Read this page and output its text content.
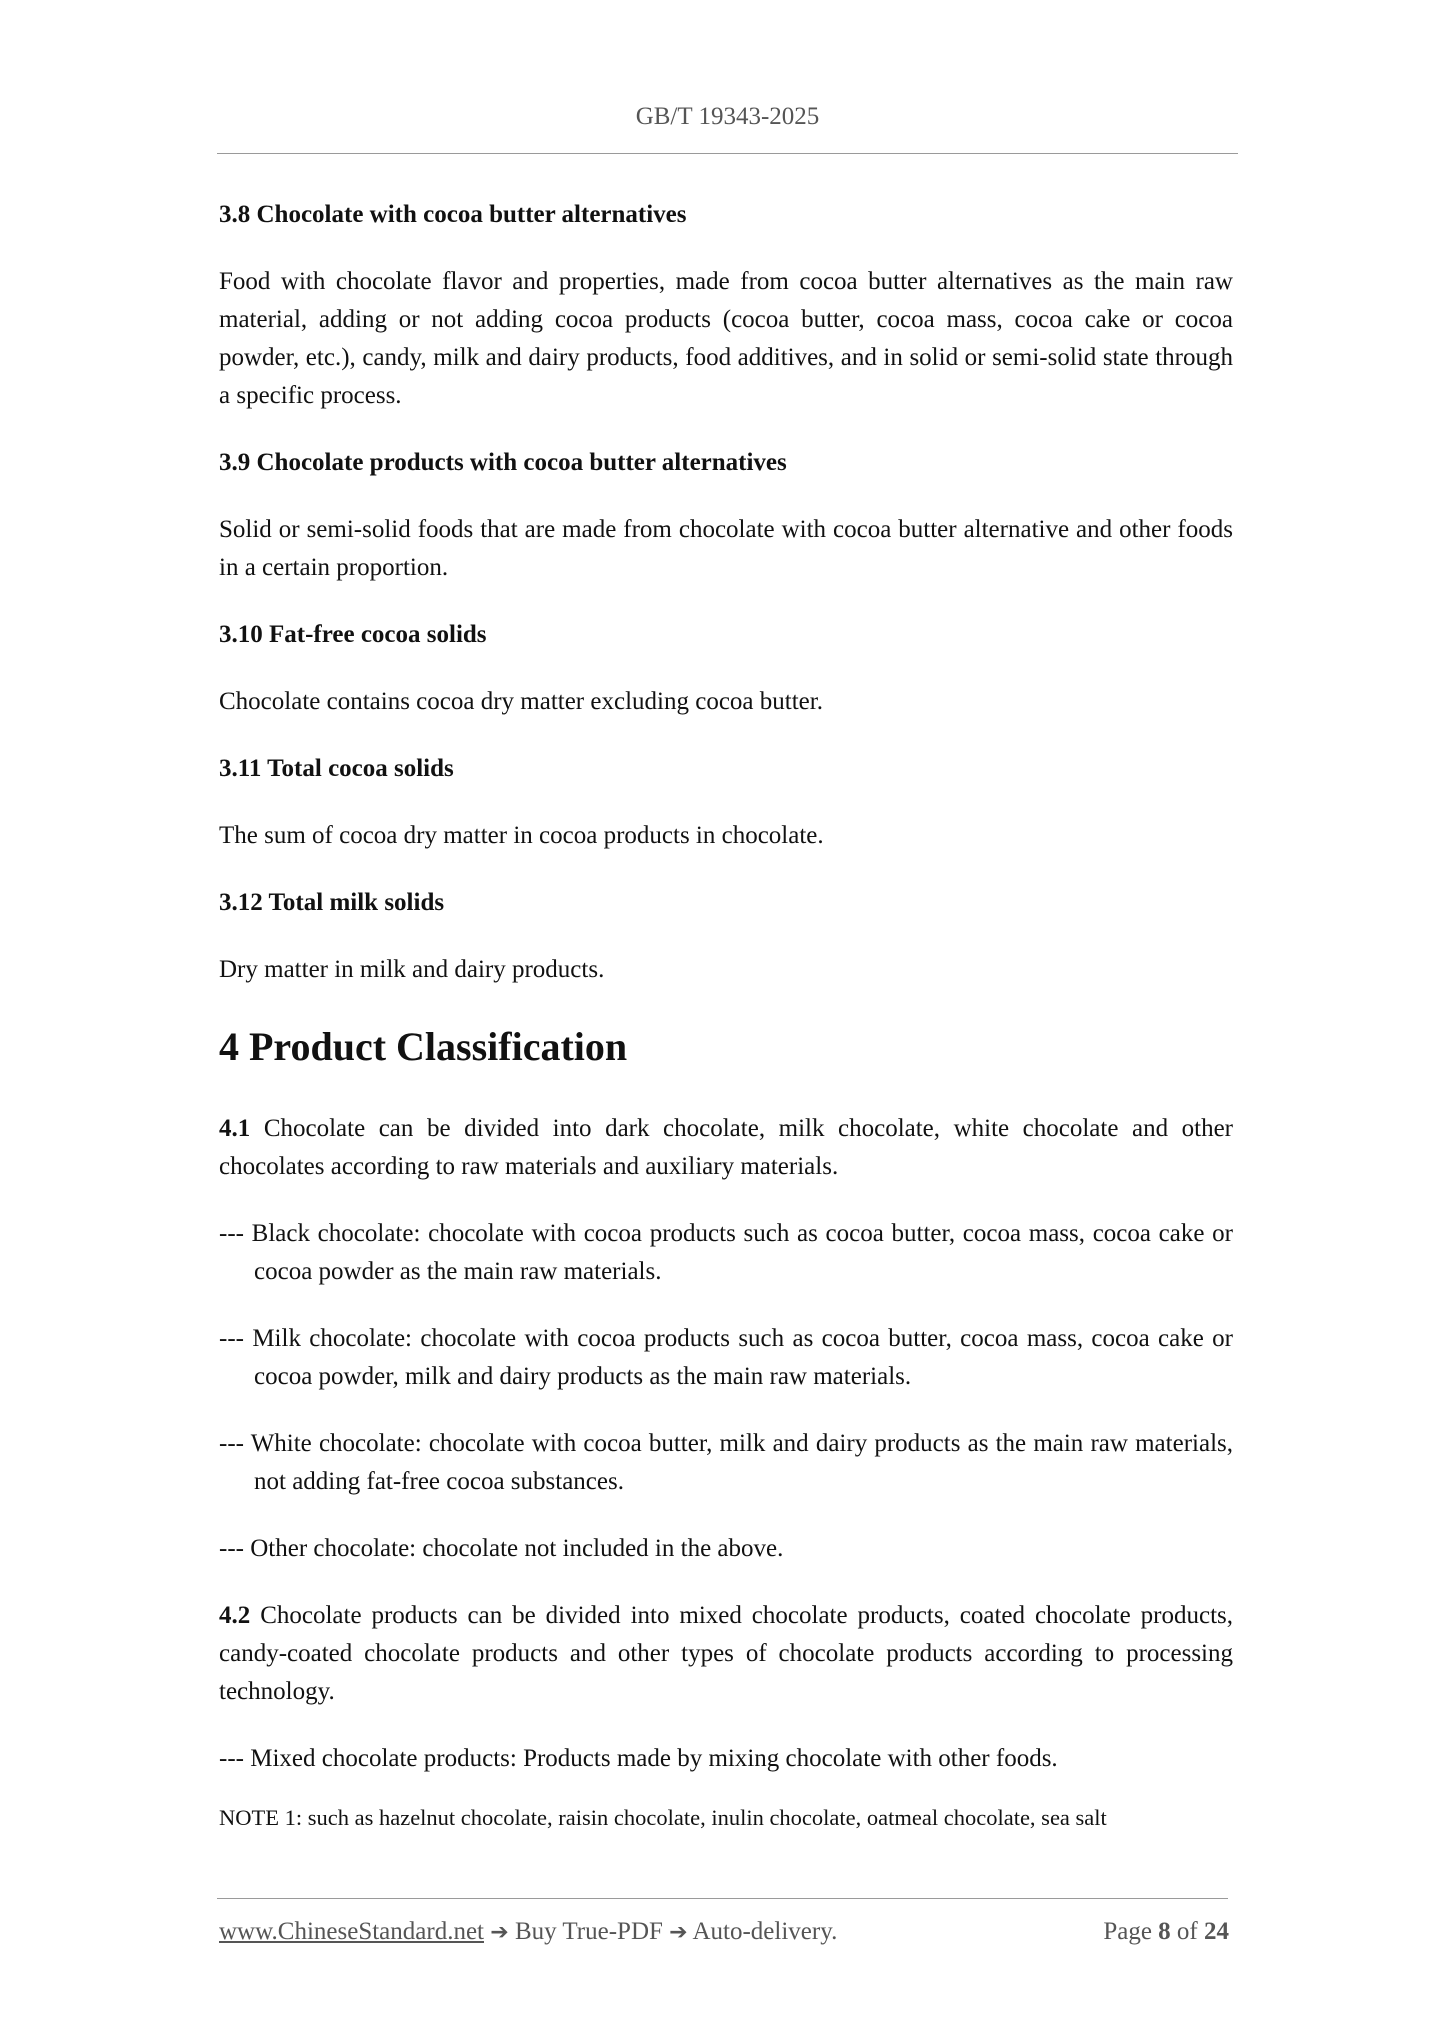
GB/T 19343-2025
3.8 Chocolate with cocoa butter alternatives

Food with chocolate flavor and properties, made from cocoa butter alternatives as the main raw material, adding or not adding cocoa products (cocoa butter, cocoa mass, cocoa cake or cocoa powder, etc.), candy, milk and dairy products, food additives, and in solid or semi-solid state through a specific process.

3.9 Chocolate products with cocoa butter alternatives

Solid or semi-solid foods that are made from chocolate with cocoa butter alternative and other foods in a certain proportion.

3.10 Fat-free cocoa solids

Chocolate contains cocoa dry matter excluding cocoa butter.

3.11 Total cocoa solids

The sum of cocoa dry matter in cocoa products in chocolate.

3.12 Total milk solids

Dry matter in milk and dairy products.

4 Product Classification

4.1 Chocolate can be divided into dark chocolate, milk chocolate, white chocolate and other chocolates according to raw materials and auxiliary materials.

--- Black chocolate: chocolate with cocoa products such as cocoa butter, cocoa mass, cocoa cake or cocoa powder as the main raw materials.

--- Milk chocolate: chocolate with cocoa products such as cocoa butter, cocoa mass, cocoa cake or cocoa powder, milk and dairy products as the main raw materials.

--- White chocolate: chocolate with cocoa butter, milk and dairy products as the main raw materials, not adding fat-free cocoa substances.

--- Other chocolate: chocolate not included in the above.

4.2 Chocolate products can be divided into mixed chocolate products, coated chocolate products, candy-coated chocolate products and other types of chocolate products according to processing technology.

--- Mixed chocolate products: Products made by mixing chocolate with other foods.

NOTE 1: such as hazelnut chocolate, raisin chocolate, inulin chocolate, oatmeal chocolate, sea salt

www.ChineseStandard.net ➔ Buy True-PDF ➔ Auto-delivery.	Page 8 of 24
